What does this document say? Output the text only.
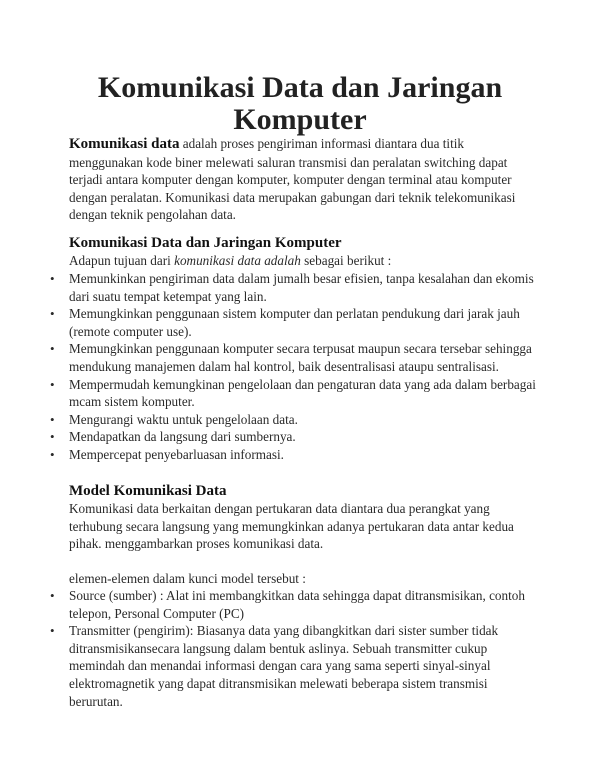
Komunikasi Data dan Jaringan Komputer

Komunikasi data adalah proses pengiriman informasi diantara dua titik menggunakan kode biner melewati saluran transmisi dan peralatan switching dapat terjadi antara komputer dengan komputer, komputer dengan terminal atau komputer dengan peralatan. Komunikasi data merupakan gabungan dari teknik telekomunikasi dengan teknik pengolahan data.

Komunikasi Data dan Jaringan Komputer

Adapun tujuan dari komunikasi data adalah sebagai berikut :

• Memunkinkan pengiriman data dalam jumalh besar efisien, tanpa kesalahan dan ekomis dari suatu tempat ketempat yang lain.
• Memungkinkan penggunaan sistem komputer dan perlatan pendukung dari jarak jauh (remote computer use).
• Memungkinkan penggunaan komputer secara terpusat maupun secara tersebar sehingga mendukung manajemen dalam hal kontrol, baik desentralisasi ataupu sentralisasi.
• Mempermudah kemungkinan pengelolaan dan pengaturan data yang ada dalam berbagai mcam sistem komputer.
• Mengurangi waktu untuk pengelolaan data.
• Mendapatkan da langsung dari sumbernya.
• Mempercepat penyebarluasan informasi.
Model Komunikasi Data

Komunikasi data berkaitan dengan pertukaran data diantara dua perangkat yang terhubung secara langsung yang memungkinkan adanya pertukaran data antar kedua pihak. menggambarkan proses komunikasi data.

elemen-elemen dalam kunci model tersebut :

• Source (sumber) : Alat ini membangkitkan data sehingga dapat ditransmisikan, contoh telepon, Personal Computer (PC)
• Transmitter (pengirim): Biasanya data yang dibangkitkan dari sister sumber tidak ditransmisikansecara langsung dalam bentuk aslinya. Sebuah transmitter cukup memindah dan menandai informasi dengan cara yang sama seperti sinyal-sinyal elektromagnetik yang dapat ditransmisikan melewati beberapa sistem transmisi berurutan.
